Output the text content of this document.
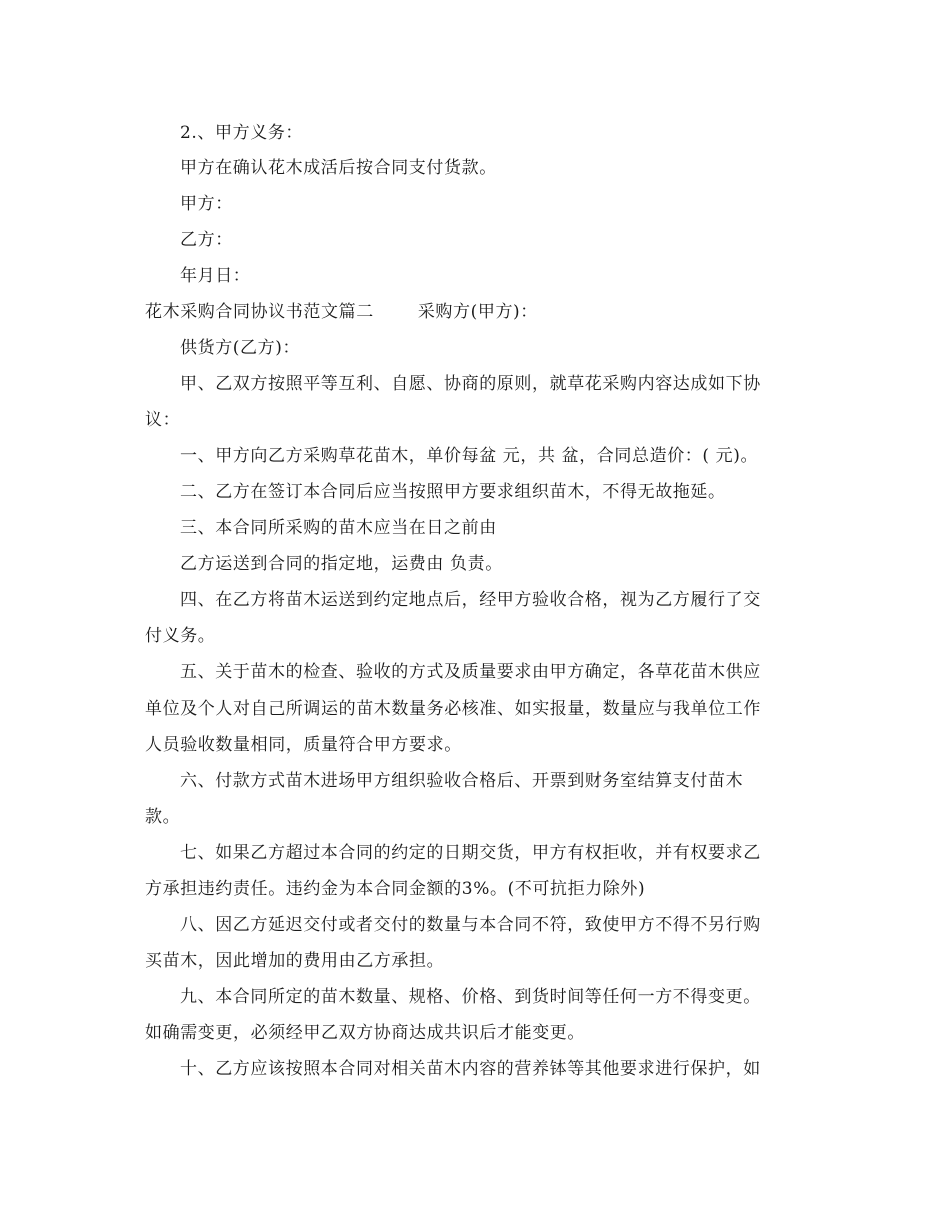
2.、甲方义务：
甲方在确认花木成活后按合同支付货款。
甲方：
乙方：
年月日：
花木采购合同协议书范文篇二	采购方(甲方)：
供货方(乙方)：
甲、乙双方按照平等互利、自愿、协商的原则，就草花采购内容达成如下协
议：
一、甲方向乙方采购草花苗木，单价每盆 元，共 盆，合同总造价：( 元)。
二、乙方在签订本合同后应当按照甲方要求组织苗木，不得无故拖延。
三、本合同所采购的苗木应当在日之前由
乙方运送到合同的指定地，运费由 负责。
四、在乙方将苗木运送到约定地点后，经甲方验收合格，视为乙方履行了交
付义务。
五、关于苗木的检查、验收的方式及质量要求由甲方确定，各草花苗木供应
单位及个人对自己所调运的苗木数量务必核准、如实报量，数量应与我单位工作
人员验收数量相同，质量符合甲方要求。
六、付款方式苗木进场甲方组织验收合格后、开票到财务室结算支付苗木
款。
七、如果乙方超过本合同的约定的日期交货，甲方有权拒收，并有权要求乙
方承担违约责任。违约金为本合同金额的3%。(不可抗拒力除外)
八、因乙方延迟交付或者交付的数量与本合同不符，致使甲方不得不另行购
买苗木，因此增加的费用由乙方承担。
九、本合同所定的苗木数量、规格、价格、到货时间等任何一方不得变更。
如确需变更，必须经甲乙双方协商达成共识后才能变更。
十、乙方应该按照本合同对相关苗木内容的营养钵等其他要求进行保护，如
